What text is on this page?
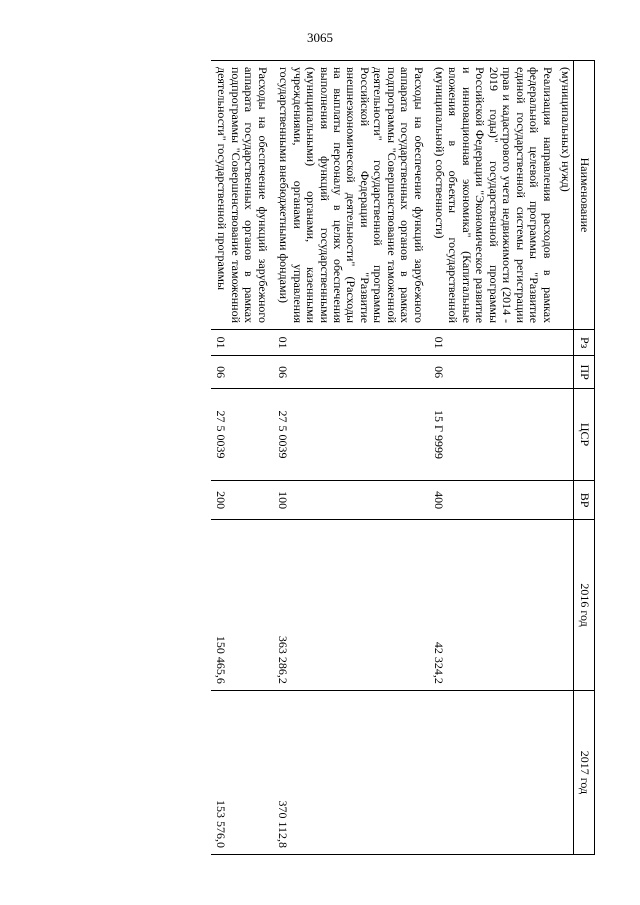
3065
Наименование	Рз	ПР	ЦСР	ВР	2016 год	2017 год
(муниципальных) нужд)						
Реализация направления расходов в рамках федеральной целевой программы "Развитие единой государственной системы регистрации прав и кадастрового учета недвижимости (2014 - 2019 годы)" государственной программы Российской Федерации "Экономическое развитие и инновационная экономика" (Капитальные вложения в объекты государственной (муниципальной) собственности)	01	06	15 Г 9999	400	42 324,2	
Расходы на обеспечение функций зарубежного аппарата государственных органов в рамках подпрограммы "Совершенствование таможенной деятельности" государственной программы Российской Федерации "Развитие внешнеэкономической деятельности" (Расходы на выплаты персоналу в целях обеспечения выполнения функций государственными (муниципальными) органами, казенными учреждениями, органами управления государственными внебюджетными фондами)	01	06	27 5 0039	100	363 286,2	370 112,8
Расходы на обеспечение функций зарубежного аппарата государственных органов в рамках подпрограммы "Совершенствование таможенной деятельности" государственной программы	01	06	27 5 0039	200	150 465,6	153 576,0
